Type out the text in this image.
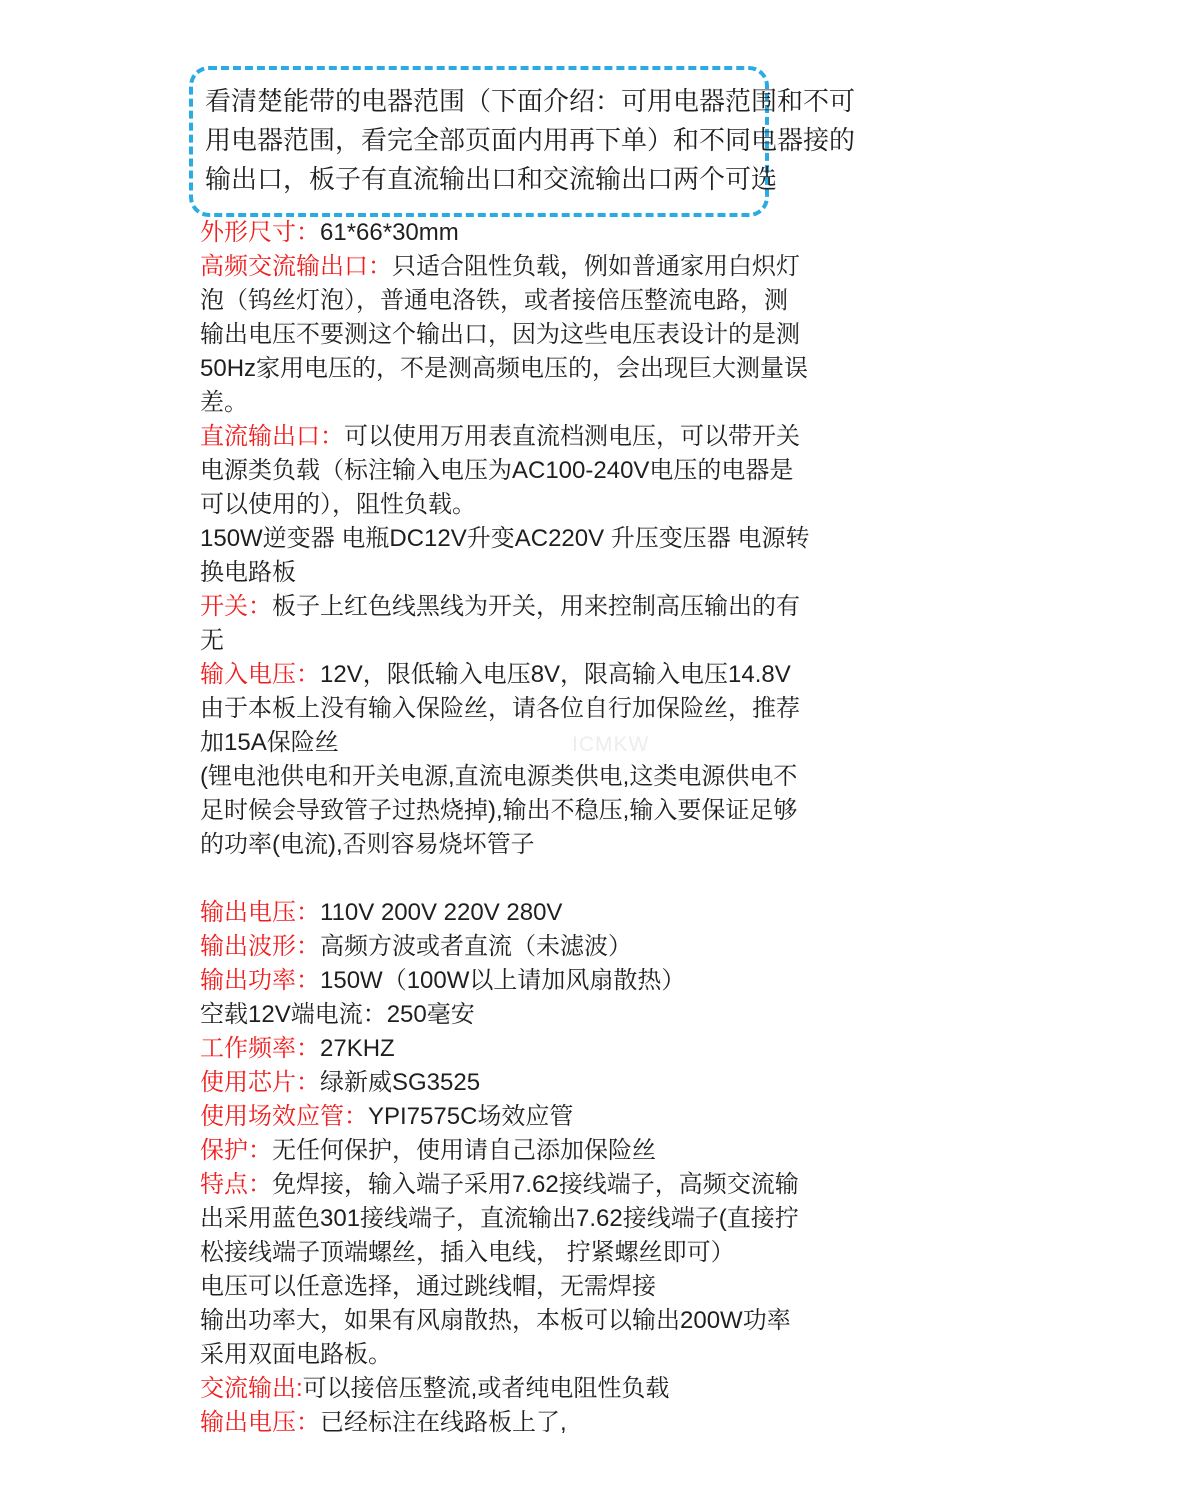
看清楚能带的电器范围（下面介绍：可用电器范围和不可
用电器范围，看完全部页面内用再下单）和不同电器接的
输出口，板子有直流输出口和交流输出口两个可选
外形尺寸：61*66*30mm
高频交流输出口：只适合阻性负载，例如普通家用白炽灯
泡（钨丝灯泡），普通电洛铁，或者接倍压整流电路，测
输出电压不要测这个输出口，因为这些电压表设计的是测
50Hz家用电压的，不是测高频电压的，会出现巨大测量误
差。
直流输出口：可以使用万用表直流档测电压，可以带开关
电源类负载（标注输入电压为AC100-240V电压的电器是
可以使用的），阻性负载。
150W逆变器 电瓶DC12V升变AC220V 升压变压器 电源转
换电路板
开关：板子上红色线黑线为开关，用来控制高压输出的有
无
输入电压：12V，限低输入电压8V，限高输入电压14.8V
由于本板上没有输入保险丝，请各位自行加保险丝，推荐
加15A保险丝
(锂电池供电和开关电源,直流电源类供电,这类电源供电不
足时候会导致管子过热烧掉),输出不稳压,输入要保证足够
的功率(电流),否则容易烧坏管子
输出电压：110V 200V 220V 280V
输出波形：高频方波或者直流（未滤波）
输出功率：150W（100W以上请加风扇散热）
空载12V端电流：250毫安
工作频率：27KHZ
使用芯片：绿新威SG3525
使用场效应管：YPI7575C场效应管
保护：无任何保护，使用请自己添加保险丝
特点：免焊接，输入端子采用7.62接线端子，高频交流输
出采用蓝色301接线端子，直流输出7.62接线端子(直接拧
松接线端子顶端螺丝，插入电线， 拧紧螺丝即可）
电压可以任意选择，通过跳线帽，无需焊接
输出功率大，如果有风扇散热，本板可以输出200W功率
采用双面电路板。
交流输出:可以接倍压整流,或者纯电阻性负载
输出电压：已经标注在线路板上了,
ICMKW
